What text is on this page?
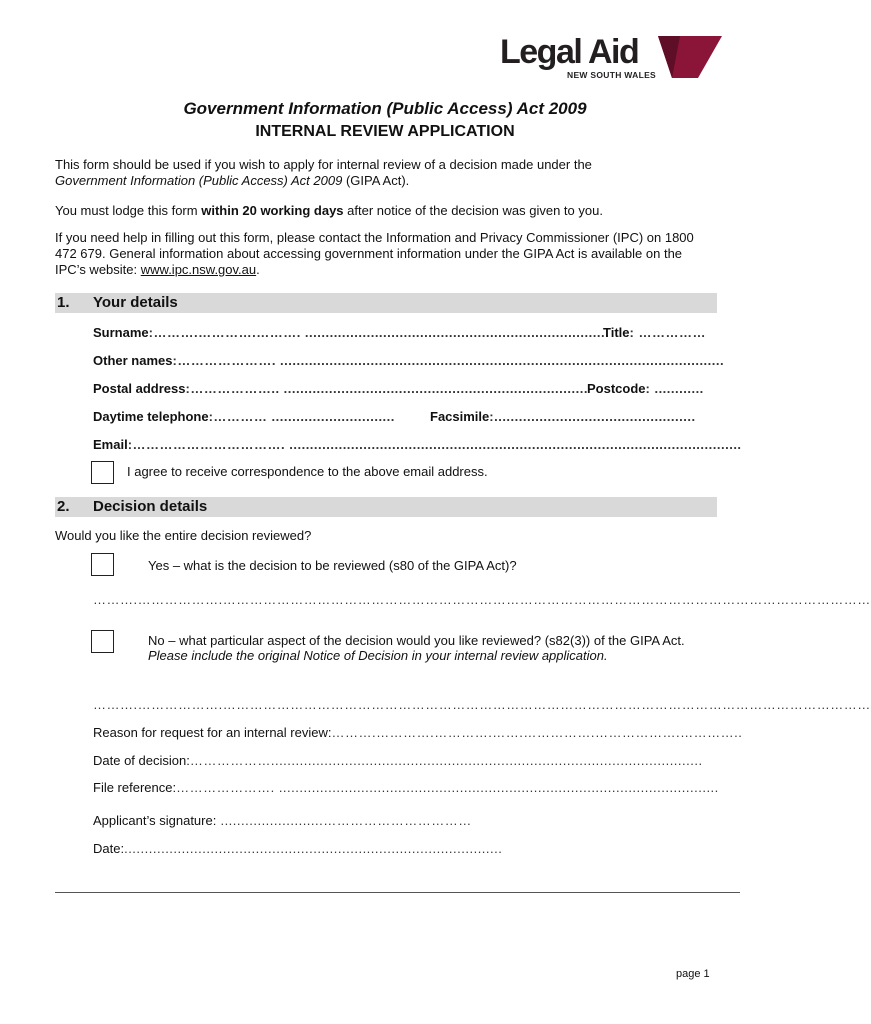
Legal Aid
NEW SOUTH WALES
Government Information (Public Access) Act 2009
INTERNAL REVIEW APPLICATION
This form should be used if you wish to apply for internal review of a decision made under the
Government Information (Public Access) Act 2009 (GIPA Act).
You must lodge this form within 20 working days after notice of the decision was given to you.
If you need help in filling out this form, please contact the Information and Privacy Commissioner (IPC) on 1800 472 679. General information about accessing government information under the GIPA Act is available on the IPC’s website: www.ipc.nsw.gov.au.
1. Your details
Surname:……….………….………. ..........................................................................
Title: ……………
Other names:…………………. ............................................................................................................
Postal address:……………….. .......................................................................... Postcode: ............
Daytime telephone:………… ..............................	Facsimile:.................................................
Email:……………………………. ..............................................................................................................
I agree to receive correspondence to the above email address.
2. Decision details
Would you like the entire decision reviewed?
Yes – what is the decision to be reviewed (s80 of the GIPA Act)?
……….……………….………………………………………………………………………………………………………………………………
No – what particular aspect of the decision would you like reviewed? (s82(3)) of the GIPA Act. Please include the original Notice of Decision in your internal review application.
……….……………….………………………………………………………………………………………………………………………………
Reason for request for an internal review:……….………….………….…….…………….……………….…………..
Date of decision:……………….........................................................................................................
File reference:…………………. ...........................................................................................................
Applicant’s signature: .........................……………………………
Date:............................................................................................
page 1
